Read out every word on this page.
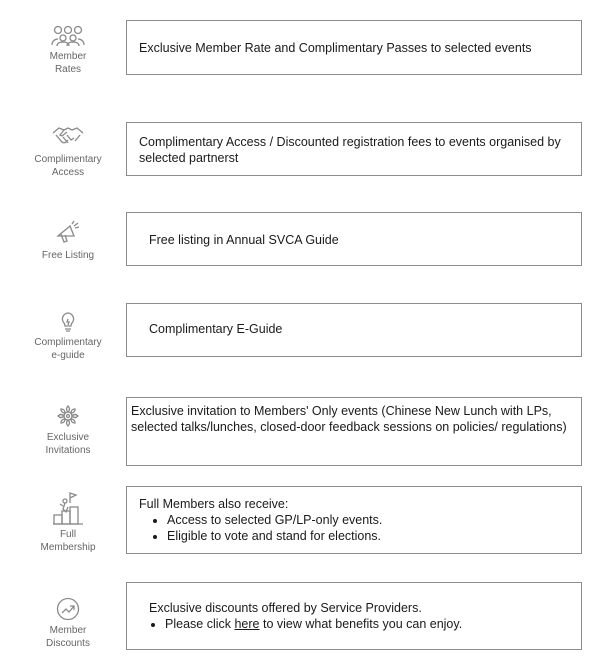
Member
Rates
Exclusive Member Rate and Complimentary Passes to selected events
Complimentary
Access
Complimentary Access / Discounted registration fees to events organised by selected partnerst
Free Listing
Free listing in Annual SVCA Guide
Complimentary
e-guide
Complimentary E-Guide
Exclusive
Invitations
Exclusive invitation to Members' Only events (Chinese New Lunch with LPs, selected talks/lunches, closed-door feedback sessions on policies/ regulations)
Full
Membership
Full Members also receive:
• Access to selected GP/LP-only events.
• Eligible to vote and stand for elections.
Member
Discounts
Exclusive discounts offered by Service Providers.
• Please click here to view what benefits you can enjoy.
